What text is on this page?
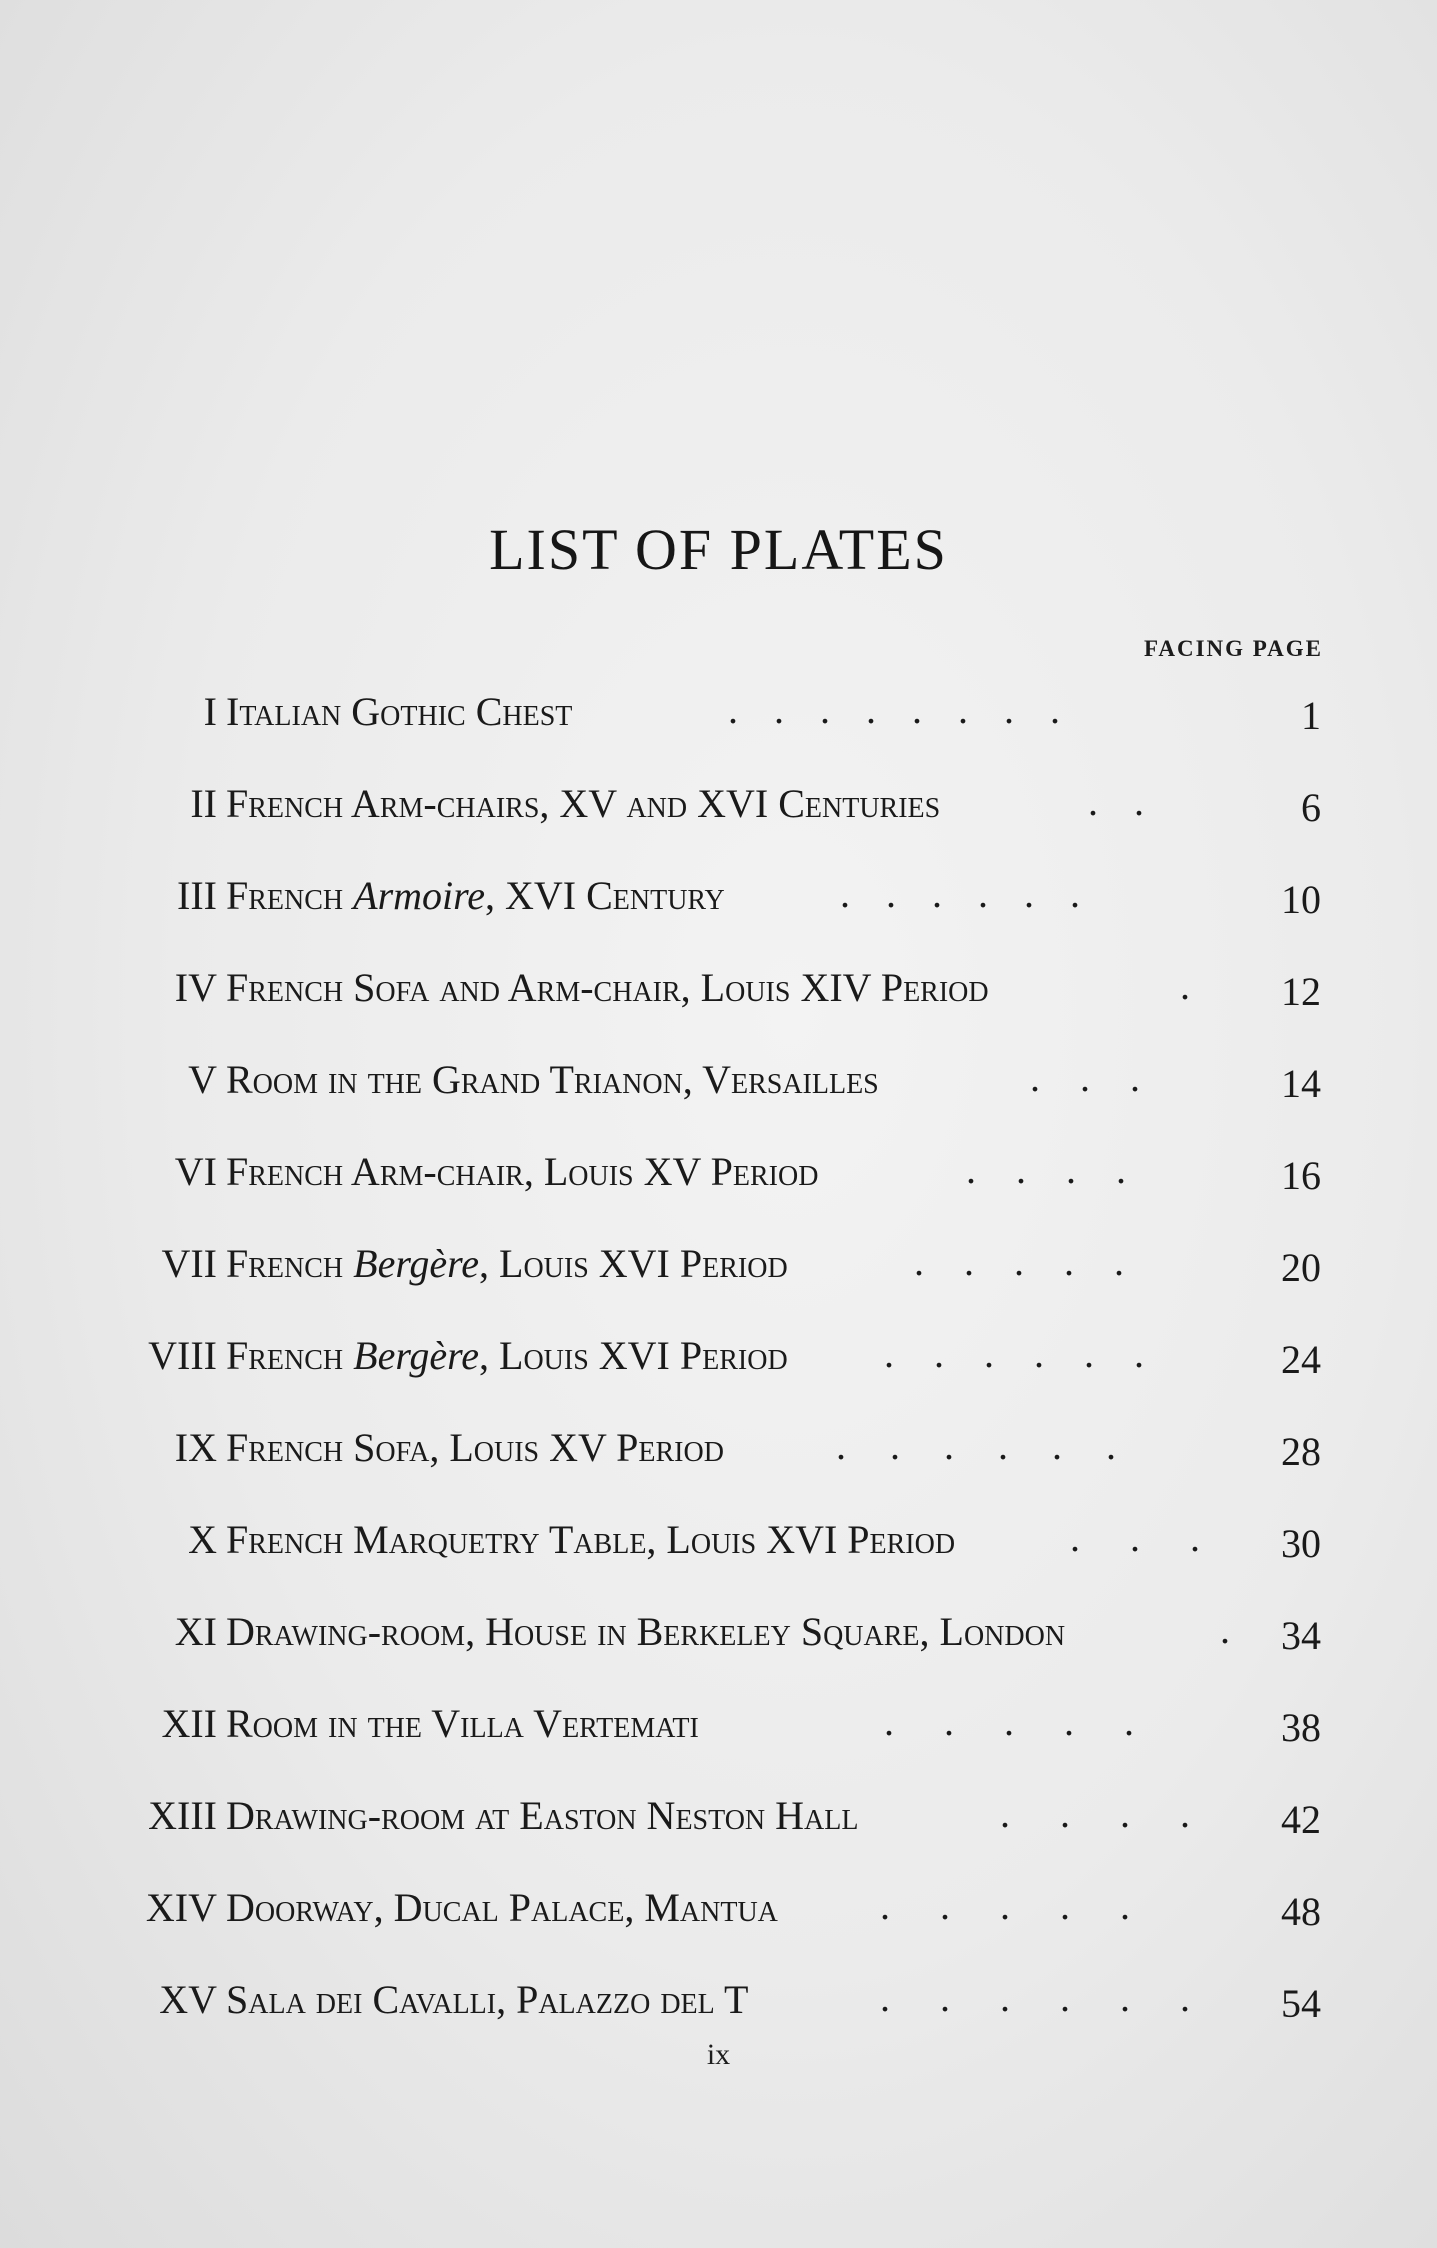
LIST OF PLATES
FACING PAGE
I Italian Gothic Chest	. . . . . . . .	1
II French Arm-chairs, XV and XVI Centuries	. .	6
III French Armoire, XVI Century	. . . . . .	10
IV French Sofa and Arm-chair, Louis XIV Period	. 12
V Room in the Grand Trianon, Versailles	. . .	14
VI French Arm-chair, Louis XV Period	. . . .	16
VII French Bergère, Louis XVI Period	. . . . .	20
VIII French Bergère, Louis XVI Period . . . . . .	24
IX French Sofa, Louis XV Period	. . . . . .	28
X French Marquetry Table, Louis XVI Period	. . . 30
XI Drawing-room, House in Berkeley Square, London	. 34
XII Room in the Villa Vertemati	. . . . .	38
XIII Drawing-room at Easton Neston Hall	. . . . 42
XIV Doorway, Ducal Palace, Mantua	. . . . .	48
XV Sala dei Cavalli, Palazzo del T	. . . . . . 54
ix
